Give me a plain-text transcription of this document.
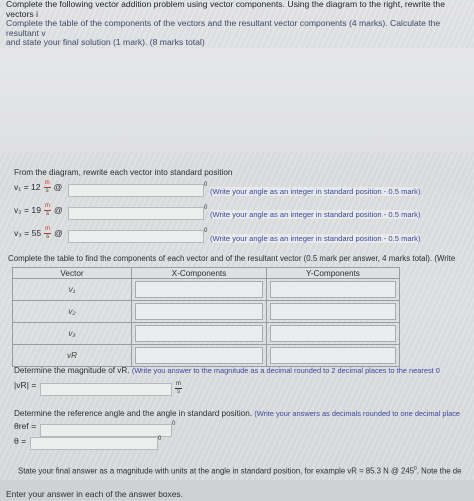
Complete the following vector addition problem using vector components. Using the diagram to the right, rewrite the vectors i
Complete the table of the components of the vectors and the resultant vector components (4 marks). Calculate the resultant v
and state your final solution (1 mark). (8 marks total)
From the diagram, rewrite each vector into standard position
$v_1 = 12 \frac{m}{s}$ @	0
(Write your angle as an integer in standard position - 0.5 mark)
$v_2 = 19 \frac{m}{s}$ @	0
(Write your angle as an integer in standard position - 0.5 mark)
$v_3 = 55 \frac{m}{s}$ @	0
(Write your angle as an integer in standard position - 0.5 mark)
Complete the table to find the components of each vector and of the resultant vector (0.5 mark per answer, 4 marks total). (Write
Vector	X-Components	Y-Components
v₁	

v₂	

v₃	

vR	

Determine the magnitude of vR. (Write you answer to the magnitude as a decimal rounded to 2 decimal places to the nearest 0
|vR| =	m
s
Determine the reference angle and the angle in standard position. (Write your answers as decimals rounded to one decimal place
θref =	0
θ =	0
State your final answer as a magnitude with units at the angle in standard position, for example vR = 85.3 N @ $245^0$. Note the de
Enter your answer in each of the answer boxes.
